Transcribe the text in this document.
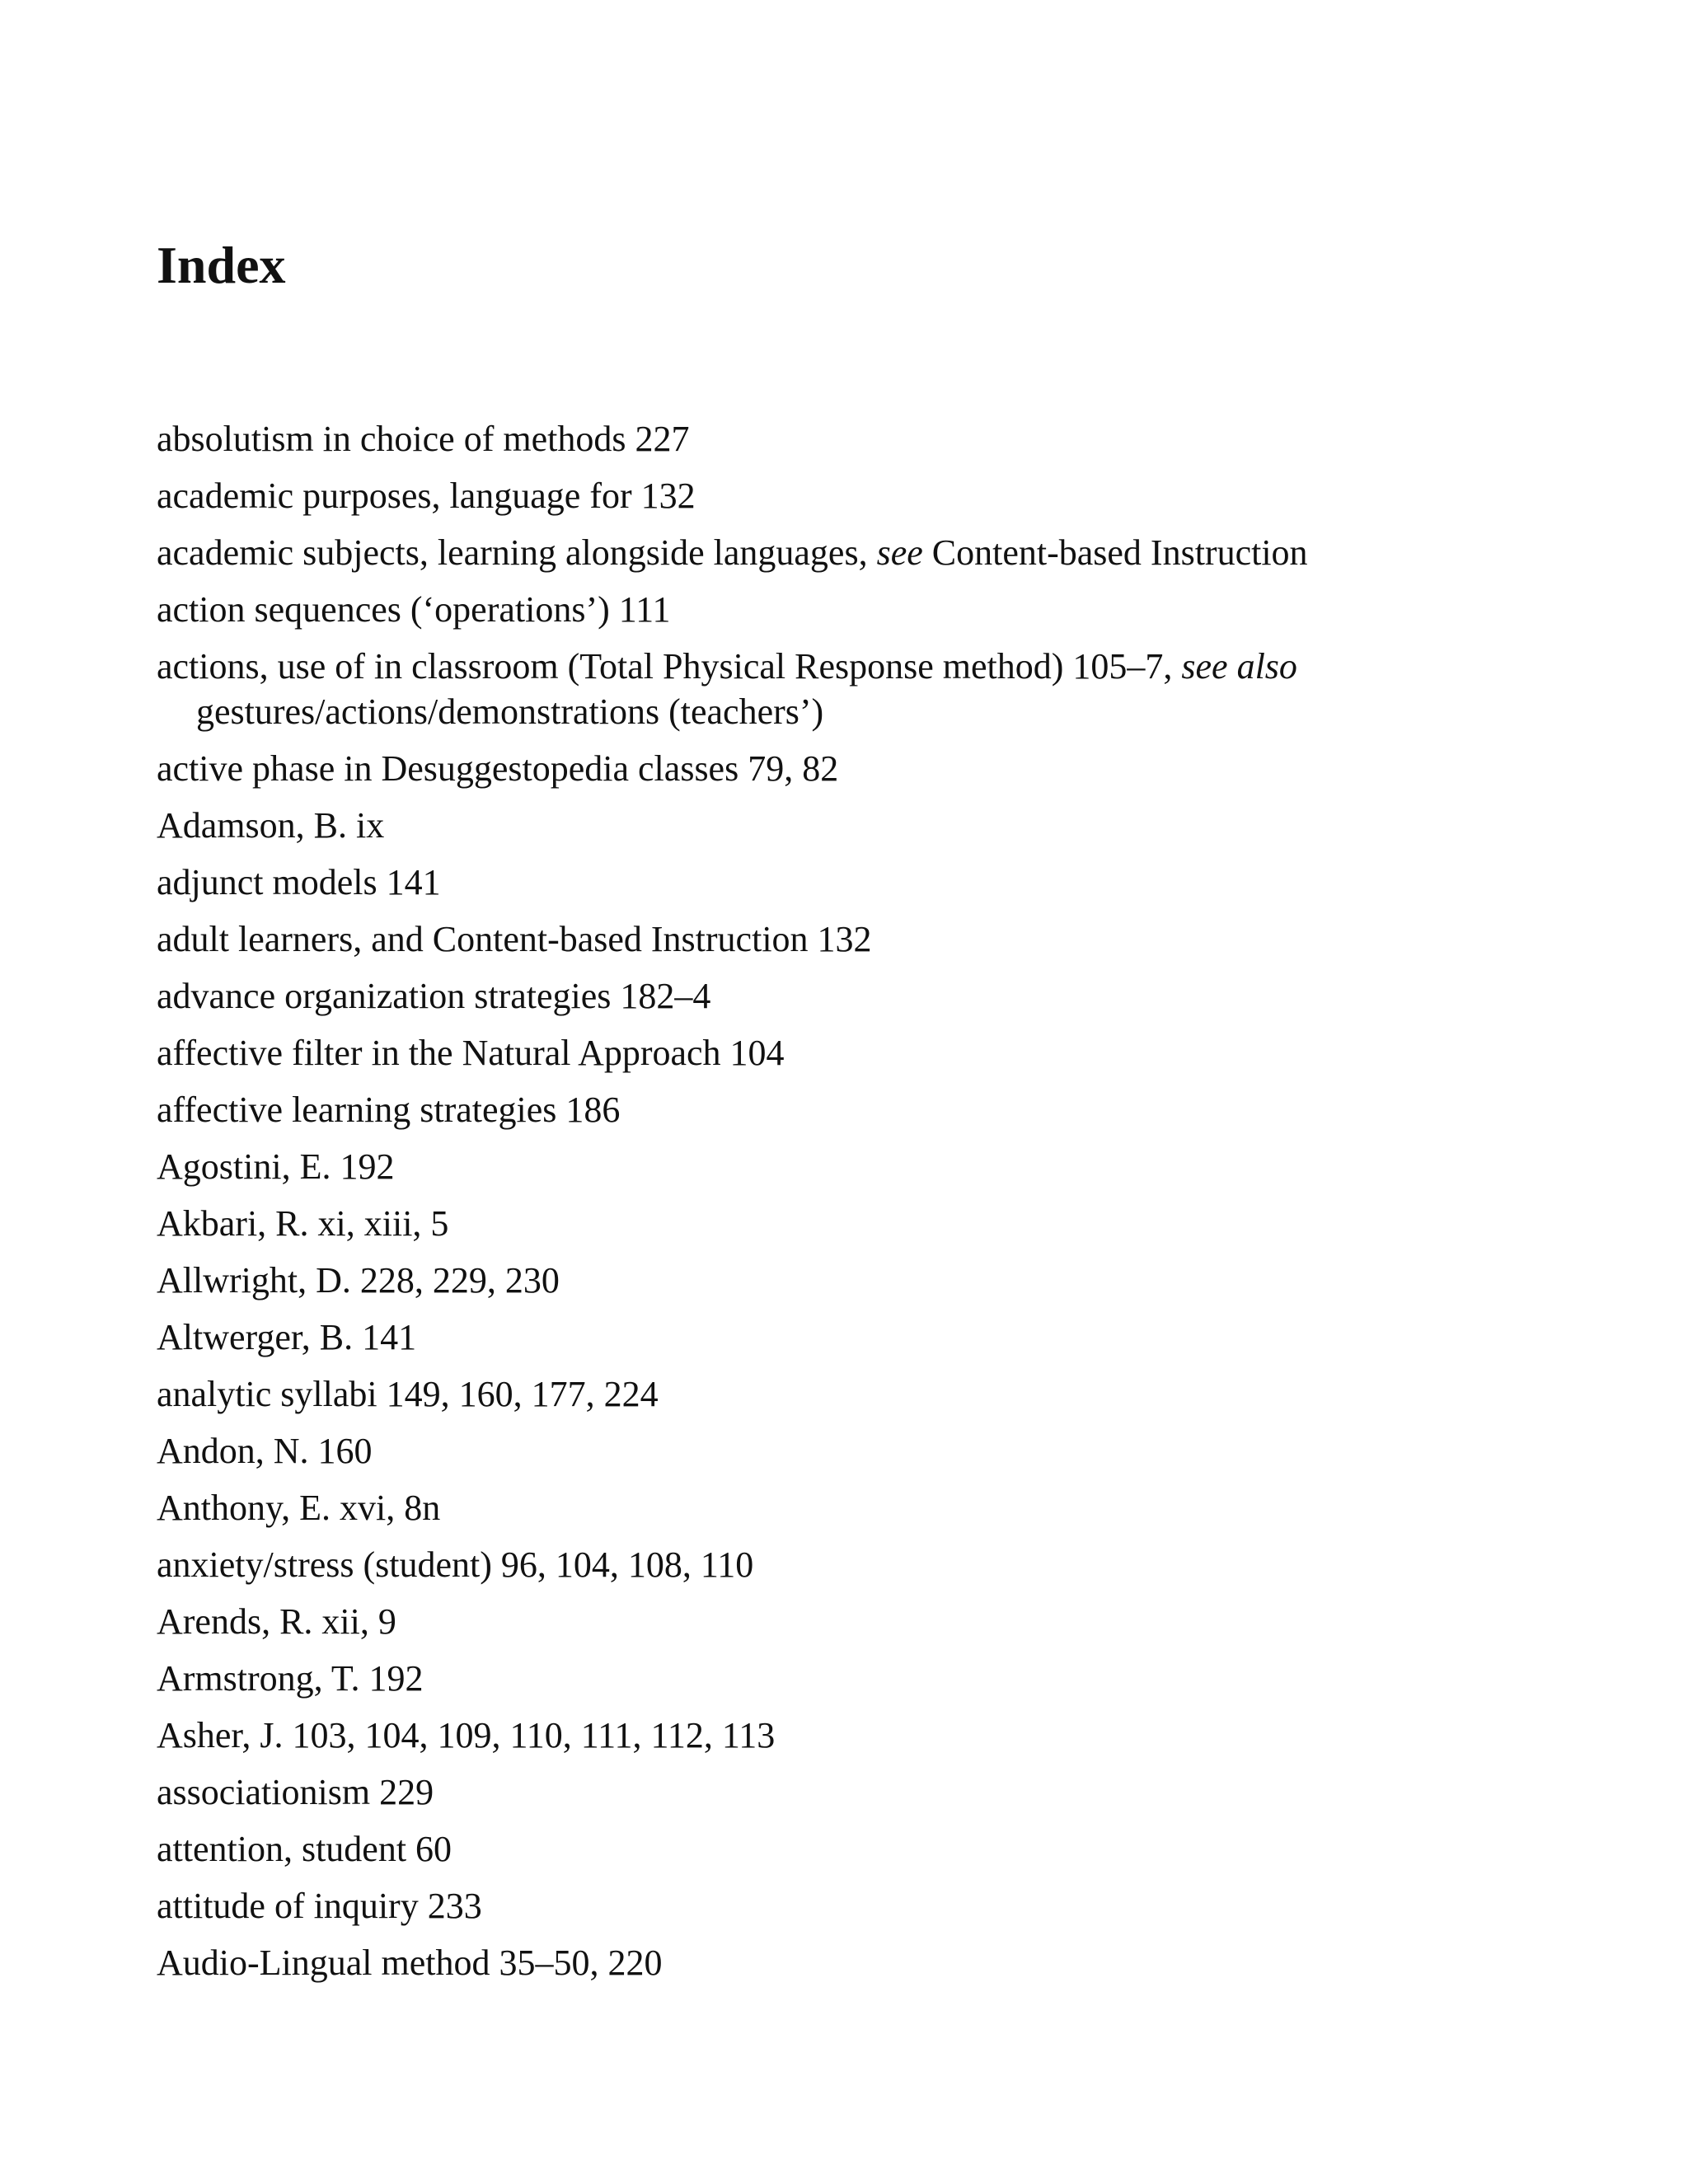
Index
absolutism in choice of methods 227
academic purposes, language for 132
academic subjects, learning alongside languages, see Content-based Instruction
action sequences (‘operations’) 111
actions, use of in classroom (Total Physical Response method) 105–7, see also gestures/actions/demonstrations (teachers’)
active phase in Desuggestopedia classes 79, 82
Adamson, B. ix
adjunct models 141
adult learners, and Content-based Instruction 132
advance organization strategies 182–4
affective filter in the Natural Approach 104
affective learning strategies 186
Agostini, E. 192
Akbari, R. xi, xiii, 5
Allwright, D. 228, 229, 230
Altwerger, B. 141
analytic syllabi 149, 160, 177, 224
Andon, N. 160
Anthony, E. xvi, 8n
anxiety/stress (student) 96, 104, 108, 110
Arends, R. xii, 9
Armstrong, T. 192
Asher, J. 103, 104, 109, 110, 111, 112, 113
associationism 229
attention, student 60
attitude of inquiry 233
Audio-Lingual method 35–50, 220
